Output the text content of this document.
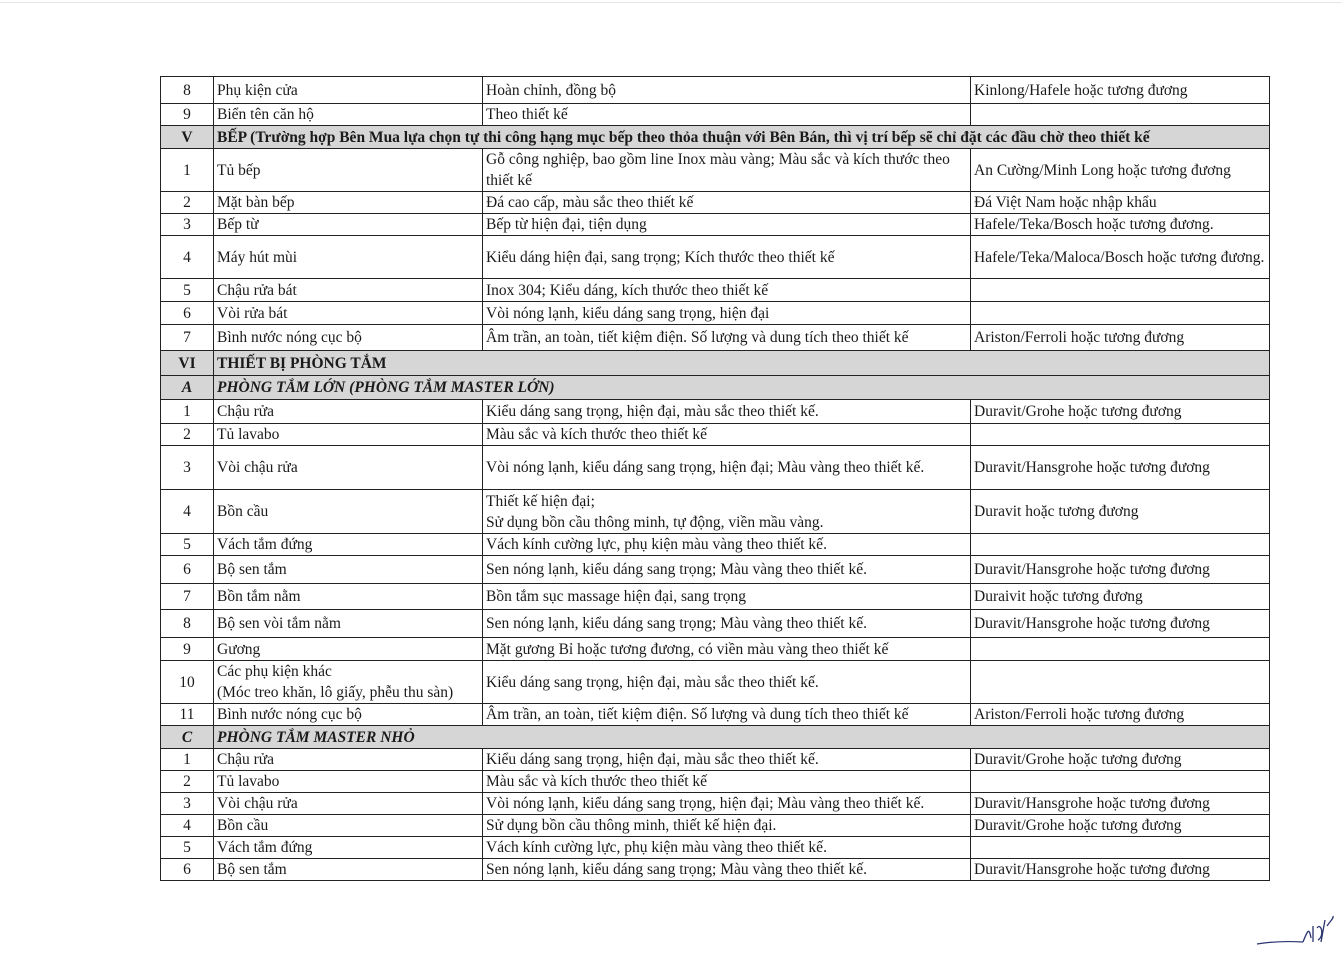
8	Phụ kiện cửa	Hoàn chỉnh, đồng bộ	Kinlong/Hafele hoặc tương đương
9	Biển tên căn hộ	Theo thiết kế	
V	BẾP (Trường hợp Bên Mua lựa chọn tự thi công hạng mục bếp theo thỏa thuận với Bên Bán, thì vị trí bếp sẽ chỉ đặt các đầu chờ theo thiết kế		
1	Tủ bếp	Gỗ công nghiệp, bao gồm line Inox màu vàng; Màu sắc và kích thước theo thiết kế	An Cường/Minh Long hoặc tương đương
2	Mặt bàn bếp	Đá cao cấp, màu sắc theo thiết kế	Đá Việt Nam hoặc nhập khẩu
3	Bếp từ	Bếp từ hiện đại, tiện dụng	Hafele/Teka/Bosch hoặc tương đương.
4	Máy hút mùi	Kiểu dáng hiện đại, sang trọng; Kích thước theo thiết kế	Hafele/Teka/Maloca/Bosch hoặc tương đương.
5	Chậu rửa bát	Inox 304; Kiểu dáng, kích thước theo thiết kế	
6	Vòi rửa bát	Vòi nóng lạnh, kiểu dáng sang trọng, hiện đại	
7	Bình nước nóng cục bộ	Âm trần, an toàn, tiết kiệm điện. Số lượng và dung tích theo thiết kế	Ariston/Ferroli hoặc tương đương
VI	THIẾT BỊ PHÒNG TẮM		
A	PHÒNG TẮM LỚN (PHÒNG TẮM MASTER LỚN)		
1	Chậu rửa	Kiểu dáng sang trọng, hiện đại, màu sắc theo thiết kế.	Duravit/Grohe hoặc tương đương
2	Tủ lavabo	Màu sắc và kích thước theo thiết kế	
3	Vòi chậu rửa	Vòi nóng lạnh, kiểu dáng sang trọng, hiện đại; Màu vàng theo thiết kế.	Duravit/Hansgrohe hoặc tương đương
4	Bồn cầu	Thiết kế hiện đại;
Sử dụng bồn cầu thông minh, tự động, viền mầu vàng.	Duravit hoặc tương đương
5	Vách tắm đứng	Vách kính cường lực, phụ kiện màu vàng theo thiết kế.	
6	Bộ sen tắm	Sen nóng lạnh, kiểu dáng sang trọng; Màu vàng theo thiết kế.	Duravit/Hansgrohe hoặc tương đương
7	Bồn tắm nằm	Bồn tắm sục massage hiện đại, sang trọng	Duraivit hoặc tương đương
8	Bộ sen vòi tắm nằm	Sen nóng lạnh, kiểu dáng sang trọng; Màu vàng theo thiết kế.	Duravit/Hansgrohe hoặc tương đương
9	Gương	Mặt gương Bỉ hoặc tương đương, có viền màu vàng theo thiết kế	
10	Các phụ kiện khác
(Móc treo khăn, lô giấy, phễu thu sàn)	Kiểu dáng sang trọng, hiện đại, màu sắc theo thiết kế.	
11	Bình nước nóng cục bộ	Âm trần, an toàn, tiết kiệm điện. Số lượng và dung tích theo thiết kế	Ariston/Ferroli hoặc tương đương
C	PHÒNG TẮM MASTER NHỎ		
1	Chậu rửa	Kiểu dáng sang trọng, hiện đại, màu sắc theo thiết kế.	Duravit/Grohe hoặc tương đương
2	Tủ lavabo	Màu sắc và kích thước theo thiết kế	
3	Vòi chậu rửa	Vòi nóng lạnh, kiểu dáng sang trọng, hiện đại; Màu vàng theo thiết kế.	Duravit/Hansgrohe hoặc tương đương
4	Bồn cầu	Sử dụng bồn cầu thông minh, thiết kế hiện đại.	Duravit/Grohe hoặc tương đương
5	Vách tắm đứng	Vách kính cường lực, phụ kiện màu vàng theo thiết kế.	
6	Bộ sen tắm	Sen nóng lạnh, kiểu dáng sang trọng; Màu vàng theo thiết kế.	Duravit/Hansgrohe hoặc tương đương
